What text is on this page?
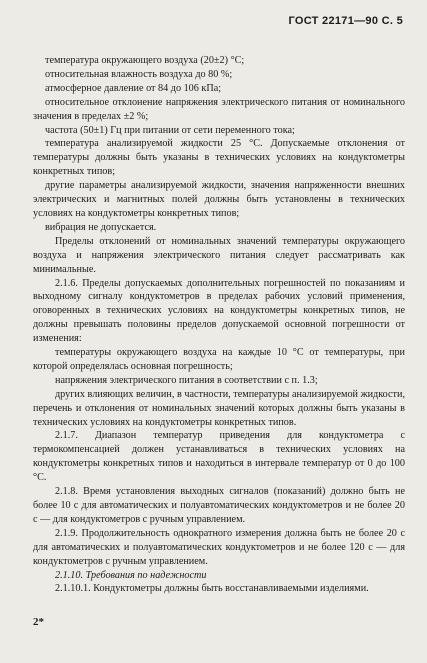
ГОСТ 22171—90 С. 5

температура окружающего воздуха (20±2) °С;

относительная влажность воздуха до 80 %;

атмосферное давление от 84 до 106 кПа;

относительное отклонение напряжения электрического питания от номинального значения в пределах ±2 %;

частота (50±1) Гц при питании от сети переменного тока;

температура анализируемой жидкости 25 °С. Допускаемые отклонения от температуры должны быть указаны в технических условиях на кондуктометры конкретных типов;

другие параметры анализируемой жидкости, значения напряженности внешних электрических и магнитных полей должны быть установлены в технических условиях на кондуктометры конкретных типов;

вибрация не допускается.

Пределы отклонений от номинальных значений температуры окружающего воздуха и напряжения электрического питания следует рассматривать как минимальные.

2.1.6. Пределы допускаемых дополнительных погрешностей по показаниям и выходному сигналу кондуктометров в пределах рабочих условий применения, оговоренных в технических условиях на кондуктометры конкретных типов, не должны превышать половины пределов допускаемой основной погрешности от изменения:

температуры окружающего воздуха на каждые 10 °С от температуры, при которой определялась основная погрешность;

напряжения электрического питания в соответствии с п. 1.3;

других влияющих величин, в частности, температуры анализируемой жидкости, перечень и отклонения от номинальных значений которых должны быть указаны в технических условиях на кондуктометры конкретных типов.

2.1.7. Диапазон температур приведения для кондуктометра с термокомпенсацией должен устанавливаться в технических условиях на кондуктометры конкретных типов и находиться в интервале температур от 0 до 100 °С.

2.1.8. Время установления выходных сигналов (показаний) должно быть не более 10 с для автоматических и полуавтоматических кондуктометров и не более 20 с — для кондуктометров с ручным управлением.

2.1.9. Продолжительность однократного измерения должна быть не более 20 с для автоматических и полуавтоматических кондуктометров и не более 120 с — для кондуктометров с ручным управлением.

2.1.10. Требования по надежности

2.1.10.1. Кондуктометры должны быть восстанавливаемыми изделиями.

2*
